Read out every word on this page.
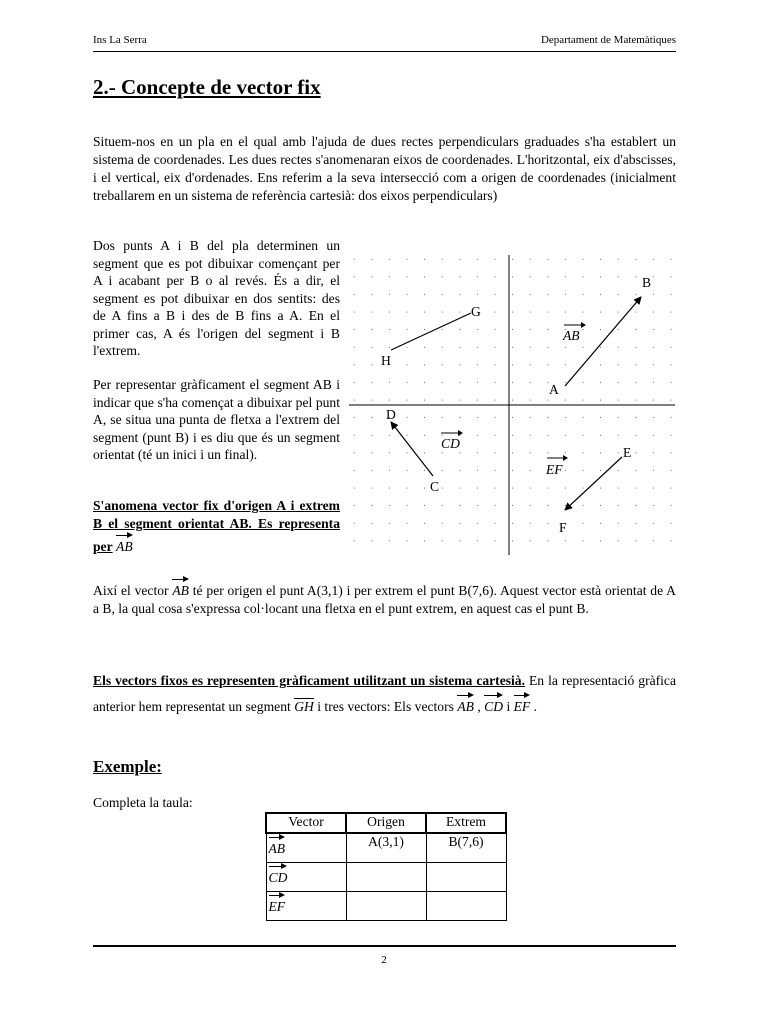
Ins La Serra	Departament de Matemàtiques
2.- Concepte de vector fix

Situem-nos en un pla en el qual amb l'ajuda de dues rectes perpendiculars graduades s'ha establert un sistema de coordenades. Les dues rectes s'anomenaran eixos de coordenades. L'horitzontal, eix d'abscisses, i el vertical, eix d'ordenades. Ens referim a la seva intersecció com a origen de coordenades (inicialment treballarem en un sistema de referència cartesià: dos eixos perpendiculars)

Dos punts A i B del pla determinen un segment que es pot dibuixar començant per A i acabant per B o al revés. És a dir, el segment es pot dibuixar en dos sentits: des de A fins a B i des de B fins a A. En el primer cas, A és l'origen del segment i B l'extrem.

Per representar gràficament el segment AB i indicar que s'ha començat a dibuixar pel punt A, se situa una punta de fletxa a l'extrem del segment (punt B) i es diu que és un segment orientat (té un inici i un final).

S'anomena vector fix d'origen A i extrem B el segment orientat AB. Es representa per AB

A
B
C
D
E
F
G
H
AB
CD
EF

Així el vector AB té per origen el punt A(3,1) i per extrem el punt B(7,6). Aquest vector està orientat de A a B, la qual cosa s'expressa col·locant una fletxa en el punt extrem, en aquest cas el punt B.

Els vectors fixos es representen gràficament utilitzant un sistema cartesià. En la representació gràfica anterior hem representat un segment GH i tres vectors: Els vectors AB , CD i EF .

Exemple:

Completa la taula:

Vector	Origen	Extrem
AB	A(3,1)	B(7,6)
CD		
EF		
2
